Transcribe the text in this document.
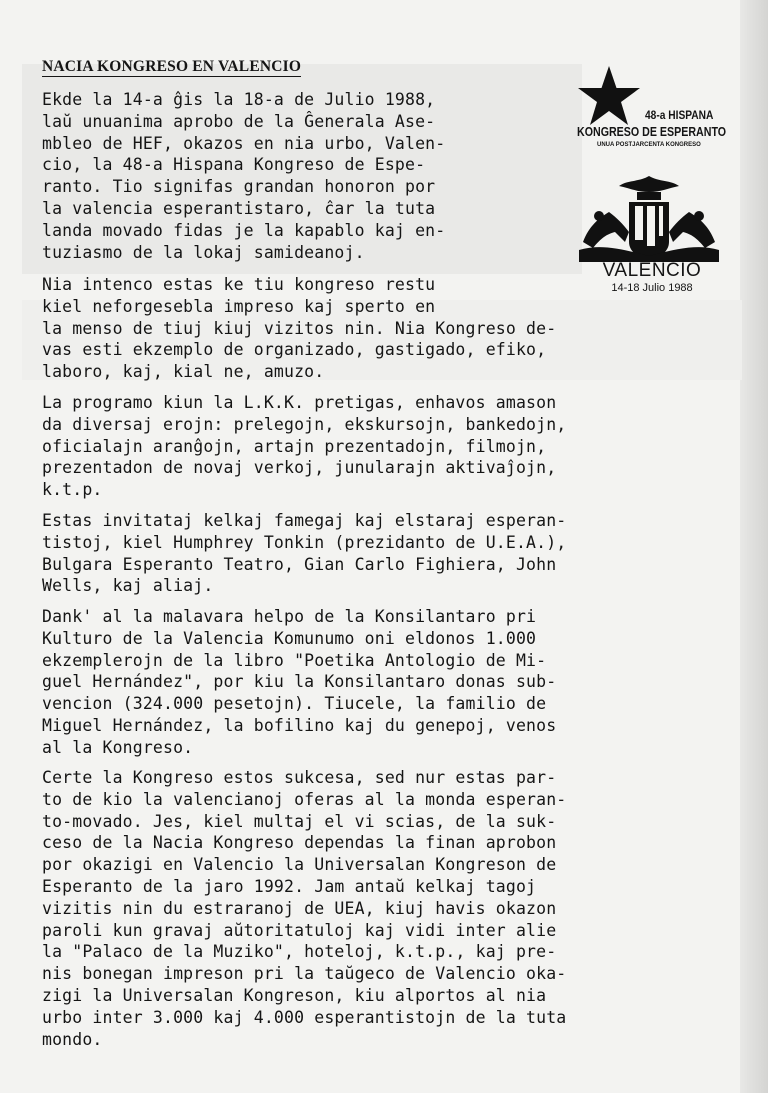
NACIA KONGRESO EN VALENCIO
48-a HISPANA
KONGRESO DE ESPERANTO
UNUA POSTJARCENTA KONGRESO
VALENCIO
14-18 Julio 1988
Ekde la 14-a ĝis la 18-a de Julio 1988,
laŭ unuanima aprobo de la Ĝenerala Ase-
mbleo de HEF, okazos en nia urbo, Valen-
cio, la 48-a Hispana Kongreso de Espe-
ranto. Tio signifas grandan honoron por
la valencia esperantistaro, ĉar la tuta
landa movado fidas je la kapablo kaj en-
tuziasmo de la lokaj samideanoj.
Nia intenco estas ke tiu kongreso restu
kiel neforgesebla impreso kaj sperto en
la menso de tiuj kiuj vizitos nin. Nia Kongreso de-
vas esti ekzemplo de organizado, gastigado, efiko,
laboro, kaj, kial ne, amuzo.
La programo kiun la L.K.K. pretigas, enhavos amason
da diversaj erojn: prelegojn, ekskursojn, bankedojn,
oficialajn aranĝojn, artajn prezentadojn, filmojn,
prezentadon de novaj verkoj, junularajn aktivaĵojn,
k.t.p.
Estas invitataj kelkaj famegaj kaj elstaraj esperan-
tistoj, kiel Humphrey Tonkin (prezidanto de U.E.A.),
Bulgara Esperanto Teatro, Gian Carlo Fighiera, John
Wells, kaj aliaj.
Dank' al la malavara helpo de la Konsilantaro pri
Kulturo de la Valencia Komunumo oni eldonos 1.000
ekzemplerojn de la libro "Poetika Antologio de Mi-
guel Hernández", por kiu la Konsilantaro donas sub-
vencion (324.000 pesetojn). Tiucele, la familio de
Miguel Hernández, la bofilino kaj du genepoj, venos
al la Kongreso.
Certe la Kongreso estos sukcesa, sed nur estas par-
to de kio la valencianoj oferas al la monda esperan-
to-movado. Jes, kiel multaj el vi scias, de la suk-
ceso de la Nacia Kongreso dependas la finan aprobon
por okazigi en Valencio la Universalan Kongreson de
Esperanto de la jaro 1992. Jam antaŭ kelkaj tagoj
vizitis nin du estraranoj de UEA, kiuj havis okazon
paroli kun gravaj aŭtoritatuloj kaj vidi inter alie
la "Palaco de la Muziko", hoteloj, k.t.p., kaj pre-
nis bonegan impreson pri la taŭgeco de Valencio oka-
zigi la Universalan Kongreson, kiu alportos al nia
urbo inter 3.000 kaj 4.000 esperantistojn de la tuta
mondo.
